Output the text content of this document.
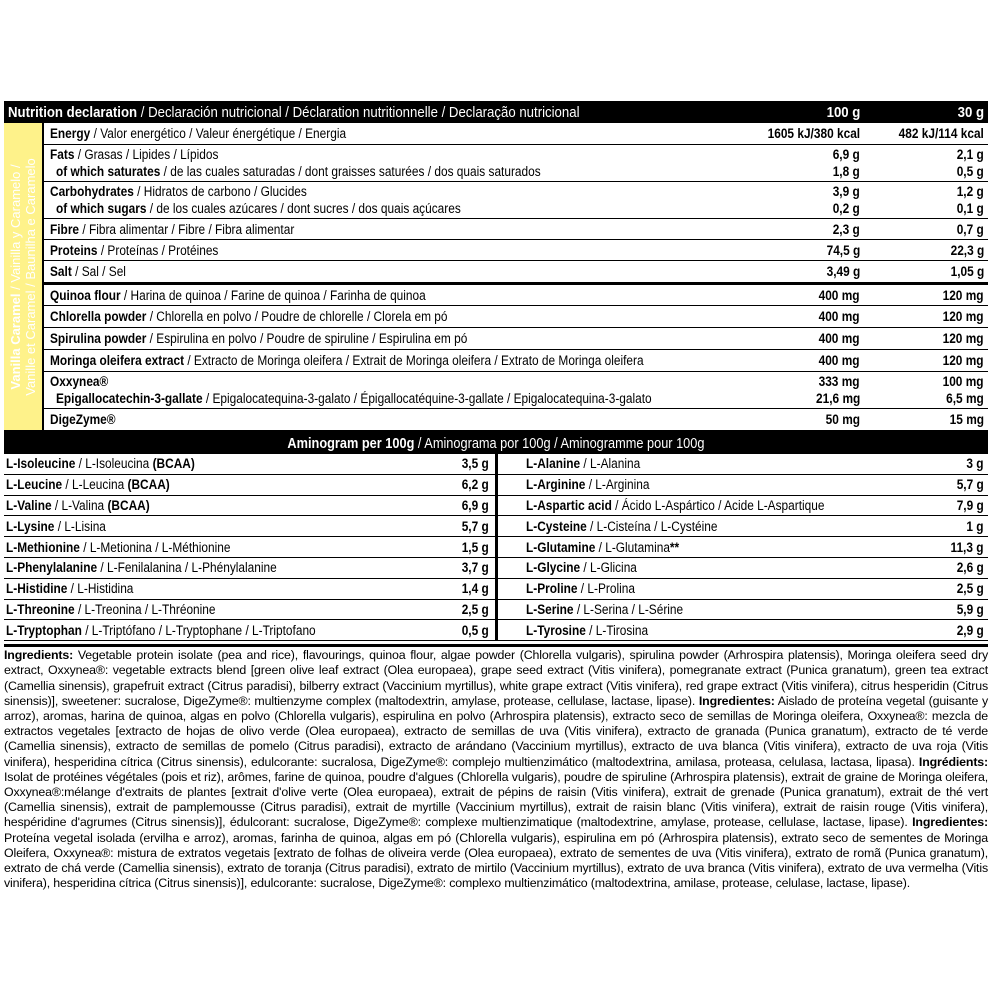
Nutrition declaration / Declaración nutricional / Déclaration nutritionnelle / Declaração nutricional	100 g	30 g
Vanilla Caramel / Vainilla y Caramelo / Vanille et Caramel / Baunilha e Caramelo
Energy / Valor energético / Valeur énergétique / Energia	1605 kJ/380 kcal	482 kJ/114 kcal
Fats / Grasas / Lipides / Lípidos	6,9 g	2,1 g
of which saturates / de las cuales saturadas / dont graisses saturées / dos quais saturados	1,8 g	0,5 g
Carbohydrates / Hidratos de carbono / Glucides	3,9 g	1,2 g
of which sugars / de los cuales azúcares / dont sucres / dos quais açúcares	0,2 g	0,1 g
Fibre / Fibra alimentar / Fibre / Fibra alimentar	2,3 g	0,7 g
Proteins / Proteínas / Protéines	74,5 g	22,3 g
Salt / Sal / Sel	3,49 g	1,05 g
Quinoa flour / Harina de quinoa / Farine de quinoa / Farinha de quinoa	400 mg	120 mg
Chlorella powder / Chlorella en polvo / Poudre de chlorelle / Clorela em pó	400 mg	120 mg
Spirulina powder / Espirulina en polvo / Poudre de spiruline / Espirulina em pó	400 mg	120 mg
Moringa oleifera extract / Extracto de Moringa oleifera / Extrait de Moringa oleifera / Extrato de Moringa oleifera	400 mg	120 mg
Oxxynea®	333 mg	100 mg
Epigallocatechin-3-gallate / Epigalocatequina-3-galato / Épigallocatéquine-3-gallate / Epigalocatequina-3-galato	21,6 mg	6,5 mg
DigeZyme®	50 mg	15 mg
Aminogram per 100g / Aminograma por 100g / Aminogramme pour 100g
L-Isoleucine / L-Isoleucina (BCAA)	3,5 g
L-Leucine / L-Leucina (BCAA)	6,2 g
L-Valine / L-Valina (BCAA)	6,9 g
L-Lysine / L-Lisina	5,7 g
L-Methionine / L-Metionina / L-Méthionine	1,5 g
L-Phenylalanine / L-Fenilalanina / L-Phénylalanine	3,7 g
L-Histidine / L-Histidina	1,4 g
L-Threonine / L-Treonina / L-Thréonine	2,5 g
L-Tryptophan / L-Triptófano / L-Tryptophane / L-Triptofano	0,5 g
L-Alanine / L-Alanina	3 g
L-Arginine / L-Arginina	5,7 g
L-Aspartic acid / Ácido L-Aspártico / Acide L-Aspartique	7,9 g
L-Cysteine / L-Cisteína / L-Cystéine	1 g
L-Glutamine / L-Glutamina**	11,3 g
L-Glycine / L-Glicina	2,6 g
L-Proline / L-Prolina	2,5 g
L-Serine / L-Serina / L-Sérine	5,9 g
L-Tyrosine / L-Tirosina	2,9 g
Ingredients: Vegetable protein isolate (pea and rice), flavourings, quinoa flour, algae powder (Chlorella vulgaris), spirulina powder (Arhrospira platensis), Moringa oleifera seed dry extract, Oxxynea®: vegetable extracts blend [green olive leaf extract (Olea europaea), grape seed extract (Vitis vinifera), pomegranate extract (Punica granatum), green tea extract (Camellia sinensis), grapefruit extract (Citrus paradisi), bilberry extract (Vaccinium myrtillus), white grape extract (Vitis vinifera), red grape extract (Vitis vinifera), citrus hesperidin (Citrus sinensis)], sweetener: sucralose, DigeZyme®: multienzyme complex (maltodextrin, amylase, protease, cellulase, lactase, lipase). Ingredientes: Aislado de proteína vegetal (guisante y arroz), aromas, harina de quinoa, algas en polvo (Chlorella vulgaris), espirulina en polvo (Arhrospira platensis), extracto seco de semillas de Moringa oleifera, Oxxynea®: mezcla de extractos vegetales [extracto de hojas de olivo verde (Olea europaea), extracto de semillas de uva (Vitis vinifera), extracto de granada (Punica granatum), extracto de té verde (Camellia sinensis), extracto de semillas de pomelo (Citrus paradisi), extracto de arándano (Vaccinium myrtillus), extracto de uva blanca (Vitis vinifera), extracto de uva roja (Vitis vinifera), hesperidina cítrica (Citrus sinensis), edulcorante: sucralosa, DigeZyme®: complejo multienzimático (maltodextrina, amilasa, proteasa, celulasa, lactasa, lipasa). Ingrédients: Isolat de protéines végétales (pois et riz), arômes, farine de quinoa, poudre d'algues (Chlorella vulgaris), poudre de spiruline (Arhrospira platensis), extrait de graine de Moringa oleifera, Oxxynea®:mélange d'extraits de plantes [extrait d'olive verte (Olea europaea), extrait de pépins de raisin (Vitis vinifera), extrait de grenade (Punica granatum), extrait de thé vert (Camellia sinensis), extrait de pamplemousse (Citrus paradisi), extrait de myrtille (Vaccinium myrtillus), extrait de raisin blanc (Vitis vinifera), extrait de raisin rouge (Vitis vinifera), hespéridine d'agrumes (Citrus sinensis)], édulcorant: sucralose, DigeZyme®: complexe multienzimatique (maltodextrine, amylase, protease, cellulase, lactase, lipase). Ingredientes: Proteína vegetal isolada (ervilha e arroz), aromas, farinha de quinoa, algas em pó (Chlorella vulgaris), espirulina em pó (Arhrospira platensis), extrato seco de sementes de Moringa Oleifera, Oxxynea®: mistura de extratos vegetais [extrato de folhas de oliveira verde (Olea europaea), extrato de sementes de uva (Vitis vinifera), extrato de romã (Punica granatum), extrato de chá verde (Camellia sinensis), extrato de toranja (Citrus paradisi), extrato de mirtilo (Vaccinium myrtillus), extrato de uva branca (Vitis vinifera), extrato de uva vermelha (Vitis vinifera), hesperidina cítrica (Citrus sinensis)], edulcorante: sucralose, DigeZyme®: complexo multienzimático (maltodextrina, amilase, protease, celulase, lactase, lipase).
